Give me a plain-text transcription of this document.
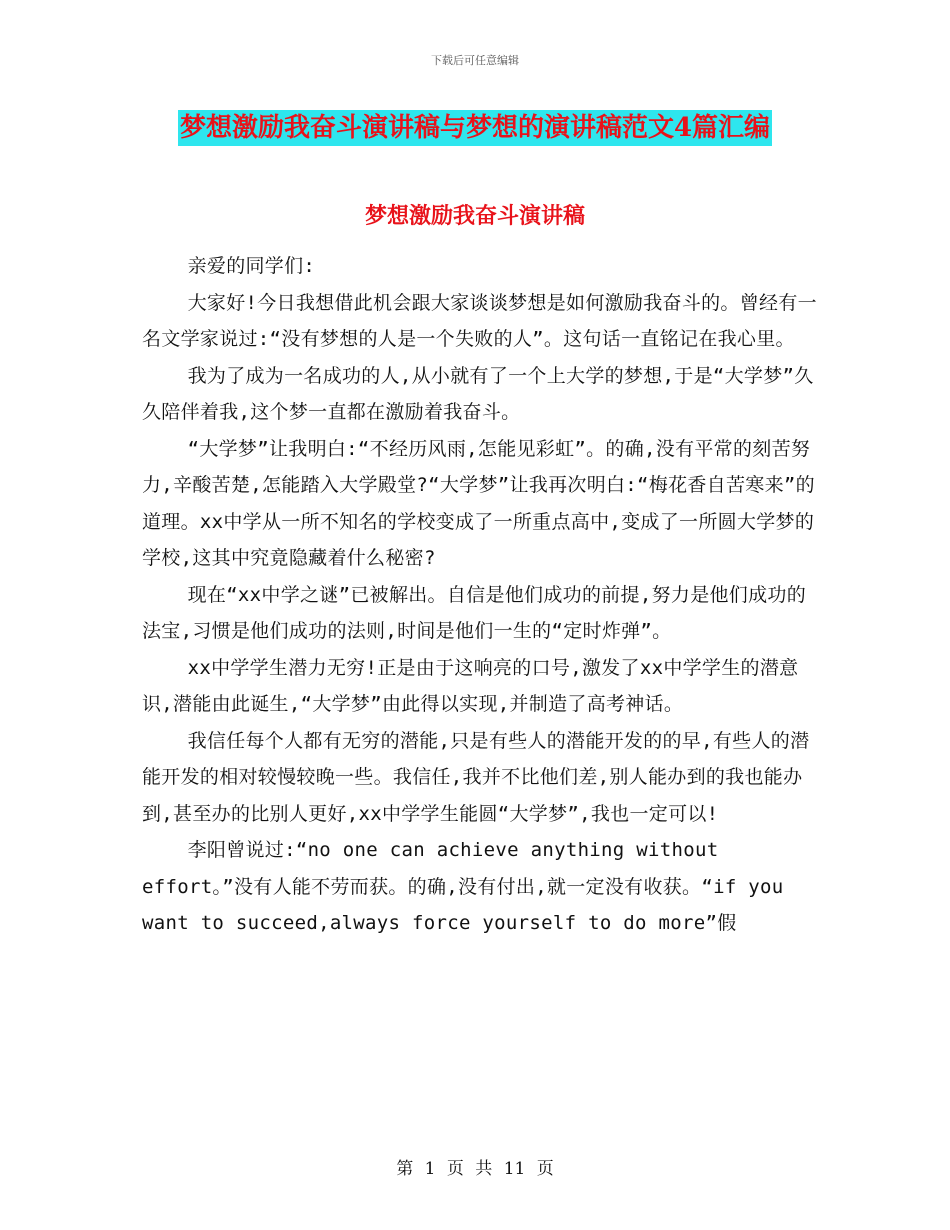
下载后可任意编辑
梦想激励我奋斗演讲稿与梦想的演讲稿范文4篇汇编
梦想激励我奋斗演讲稿

亲爱的同学们:

大家好!今日我想借此机会跟大家谈谈梦想是如何激励我奋斗的。曾经有一名文学家说过:“没有梦想的人是一个失败的人”。这句话一直铭记在我心里。

我为了成为一名成功的人,从小就有了一个上大学的梦想,于是“大学梦”久久陪伴着我,这个梦一直都在激励着我奋斗。

“大学梦”让我明白:“不经历风雨,怎能见彩虹”。的确,没有平常的刻苦努力,辛酸苦楚,怎能踏入大学殿堂?“大学梦”让我再次明白:“梅花香自苦寒来”的道理。xx中学从一所不知名的学校变成了一所重点高中,变成了一所圆大学梦的学校,这其中究竟隐藏着什么秘密?

现在“xx中学之谜”已被解出。自信是他们成功的前提,努力是他们成功的法宝,习惯是他们成功的法则,时间是他们一生的“定时炸弹”。

xx中学学生潜力无穷!正是由于这响亮的口号,激发了xx中学学生的潜意识,潜能由此诞生,“大学梦”由此得以实现,并制造了高考神话。

我信任每个人都有无穷的潜能,只是有些人的潜能开发的的早,有些人的潜能开发的相对较慢较晚一些。我信任,我并不比他们差,别人能办到的我也能办到,甚至办的比别人更好,xx中学学生能圆“大学梦”,我也一定可以!

李阳曾说过:“no one can achieve anything without effort。”没有人能不劳而获。的确,没有付出,就一定没有收获。“if you want to succeed,always force yourself to do more”假

第 1 页 共 11 页
